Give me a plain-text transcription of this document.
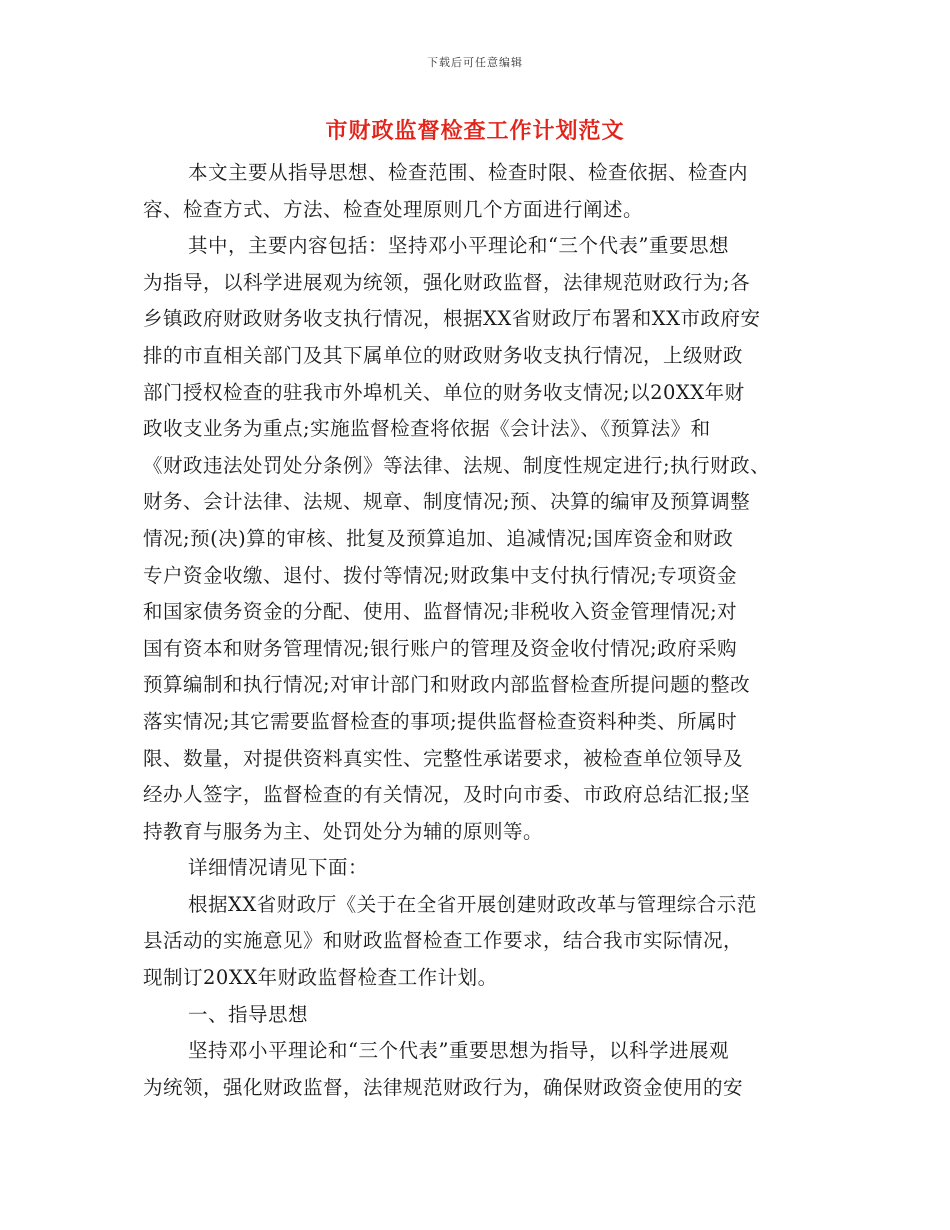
下载后可任意编辑
市财政监督检查工作计划范文
本文主要从指导思想、检查范围、检查时限、检查依据、检查内
容、检查方式、方法、检查处理原则几个方面进行阐述。
其中，主要内容包括：坚持邓小平理论和“三个代表”重要思想
为指导，以科学进展观为统领，强化财政监督，法律规范财政行为;各
乡镇政府财政财务收支执行情况，根据XX省财政厅布署和XX市政府安
排的市直相关部门及其下属单位的财政财务收支执行情况，上级财政
部门授权检查的驻我市外埠机关、单位的财务收支情况;以20XX年财
政收支业务为重点;实施监督检查将依据《会计法》、《预算法》和
《财政违法处罚处分条例》等法律、法规、制度性规定进行;执行财政、
财务、会计法律、法规、规章、制度情况;预、决算的编审及预算调整
情况;预(决)算的审核、批复及预算追加、追减情况;国库资金和财政
专户资金收缴、退付、拨付等情况;财政集中支付执行情况;专项资金
和国家债务资金的分配、使用、监督情况;非税收入资金管理情况;对
国有资本和财务管理情况;银行账户的管理及资金收付情况;政府采购
预算编制和执行情况;对审计部门和财政内部监督检查所提问题的整改
落实情况;其它需要监督检查的事项;提供监督检查资料种类、所属时
限、数量，对提供资料真实性、完整性承诺要求，被检查单位领导及
经办人签字，监督检查的有关情况，及时向市委、市政府总结汇报;坚
持教育与服务为主、处罚处分为辅的原则等。
详细情况请见下面：
根据XX省财政厅《关于在全省开展创建财政改革与管理综合示范
县活动的实施意见》和财政监督检查工作要求，结合我市实际情况，
现制订20XX年财政监督检查工作计划。
一、指导思想
坚持邓小平理论和“三个代表”重要思想为指导，以科学进展观
为统领，强化财政监督，法律规范财政行为，确保财政资金使用的安
